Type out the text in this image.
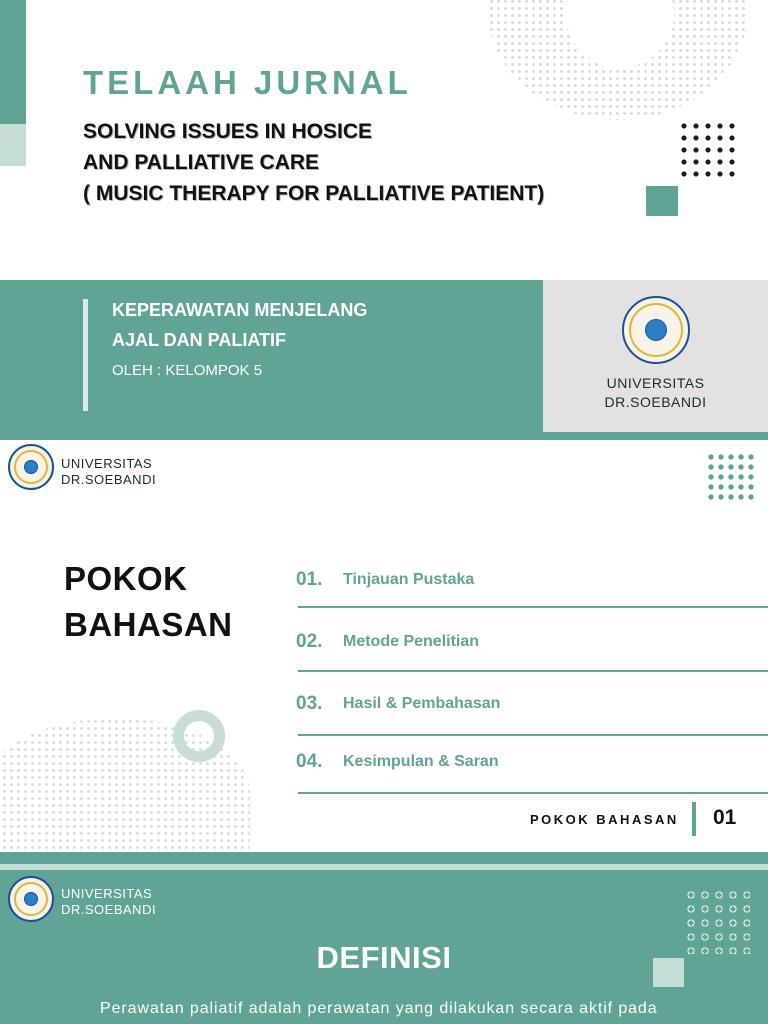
TELAAH JURNAL
SOLVING ISSUES IN HOSICE
AND PALLIATIVE CARE
( MUSIC THERAPY FOR PALLIATIVE PATIENT)
KEPERAWATAN MENJELANG
AJAL DAN PALIATIF
OLEH : KELOMPOK 5
UNIVERSITAS
DR.SOEBANDI
UNIVERSITAS
DR.SOEBANDI
POKOK
BAHASAN
01. Tinjauan Pustaka
02. Metode Penelitian
03. Hasil & Pembahasan
04. Kesimpulan & Saran
POKOK BAHASAN 01
UNIVERSITAS
DR.SOEBANDI
DEFINISI
Perawatan paliatif adalah perawatan yang dilakukan secara aktif pada
